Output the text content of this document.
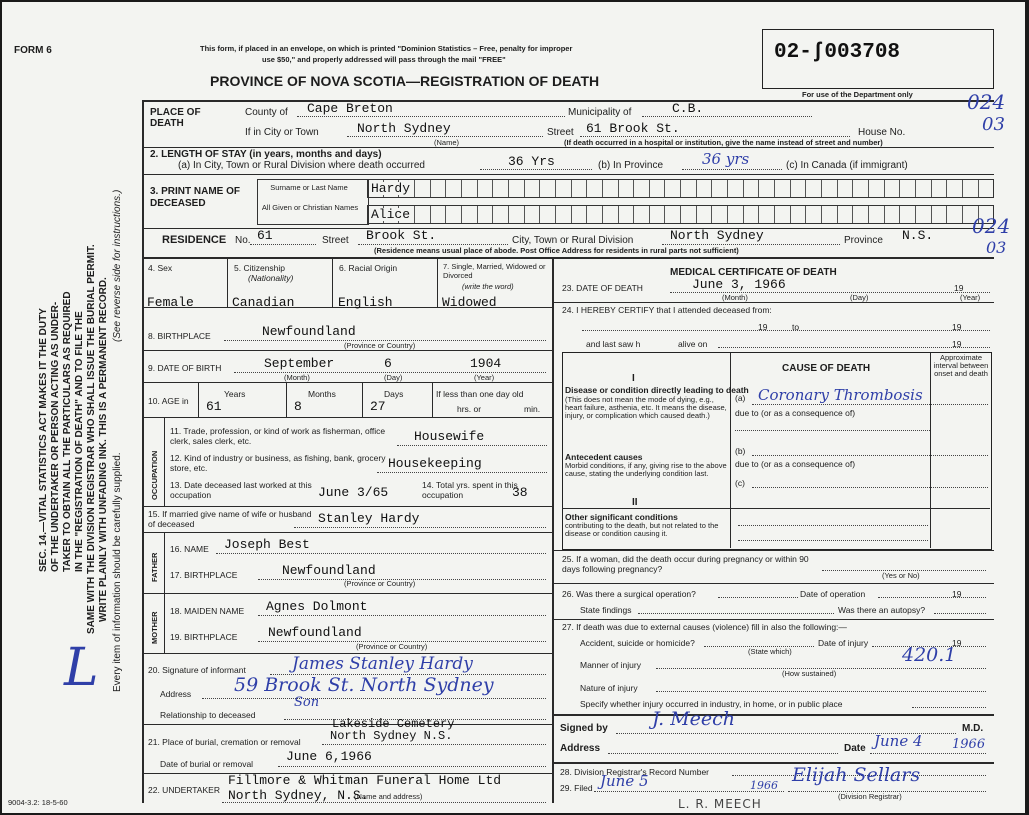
FORM 6	This form, if placed in an envelope, on which is printed "Dominion Statistics – Free, penalty for improper
use $50," and properly addressed will pass through the mail "FREE"
PROVINCE OF NOVA SCOTIA—REGISTRATION OF DEATH
02-ʃ003708
For use of the Department only
SEC. 14.—VITAL STATISTICS ACT MAKES IT THE DUTY OF THE UNDERTAKER OR PERSON ACTING AS UNDER- TAKER TO OBTAIN ALL THE PARTICULARS AS REQUIRED IN THE "REGISTRATION OF DEATH" AND TO FILE THE SAME WITH THE DIVISION REGISTRAR WHO SHALL ISSUE THE BURIAL PERMIT. WRITE PLAINLY WITH UNFADING INK. THIS IS A PERMANENT RECORD.
(See reverse side for instructions.)
Every item of information should be carefully supplied.
L
9004-3.2: 18-5-60
PLACE OF DEATH
County of Cape Breton	Municipality of	C.B.	024
If in City or Town	North Sydney
(Name)
Street 61 Brook St.	House No.	03
(If death occurred in a hospital or institution, give the name instead of street and number)
2. LENGTH OF STAY (in years, months and days)
(a) In City, Town or Rural Division where death occurred	36 Yrs	(b) In Province	36 yrs	(c) In Canada (if immigrant)
3. PRINT NAME OF DECEASED
Surname or Last Name
All Given or Christian Names
Hardy
Alice
RESIDENCE No. 61	Street Brook St.	City, Town or Rural Division	North Sydney	Province N.S. 024
03
(Residence means usual place of abode. Post Office Address for residents in rural parts not sufficient)
4. Sex
Female
5. Citizenship
(Nationality)
Canadian
6. Racial Origin
English
7. Single, Married, Widowed or Divorced
(write the word)
Widowed
8. BIRTHPLACE	Newfoundland
(Province or Country)
9. DATE OF BIRTH	September	6	1904
(Month)	(Day)	(Year)
10. AGE in
Years
61
Months
8
Days
27
If less than one day old
hrs. or	min.
OCCUPATION
11. Trade, profession, or kind of work as fisherman, office clerk, sales clerk, etc.	Housewife
12. Kind of industry or business, as fishing, bank, grocery store, etc.	Housekeeping
13. Date deceased last worked at this occupation	June 3/65	14. Total yrs. spent in this occupation	38
15. If married give name of wife or husband of deceased	Stanley Hardy
FATHER
16. NAME Joseph Best
17. BIRTHPLACE	Newfoundland
(Province or Country)
MOTHER
18. MAIDEN NAME Agnes Dolmont
19. BIRTHPLACE Newfoundland
(Province or Country)
20. Signature of informant	James Stanley Hardy
Address 59 Brook St. North Sydney
Son
Relationship to deceased
Lakeside Cemetery
21. Place of burial, cremation or removal North Sydney N.S.
Date of burial or removal	June 6,1966
22. UNDERTAKER
Fillmore & Whitman Funeral Home Ltd
North Sydney, N.S.
(Name and address)
MEDICAL CERTIFICATE OF DEATH
23. DATE OF DEATH	June 3, 1966	19
(Month)	(Day)	(Year)
24. I HEREBY CERTIFY that I attended deceased from:
19	to	19
and last saw h	alive on	19
CAUSE OF DEATH
Approximate interval between onset and death
I
Disease or condition directly leading to death
(This does not mean the mode of dying, e.g., heart failure, asthenia, etc. It means the disease, injury, or complication which caused death.)
(a) Coronary Thrombosis
due to (or as a consequence of)
Antecedent causes
Morbid conditions, if any, giving rise to the above cause, stating the underlying condition last.
(b)
due to (or as a consequence of)
(c)
II
Other significant conditions
contributing to the death, but not related to the disease or condition causing it.
25. If a woman, did the death occur during pregnancy or within 90 days following pregnancy?
(Yes or No)
26. Was there a surgical operation?	Date of operation	19
State findings	Was there an autopsy?
27. If death was due to external causes (violence) fill in also the following:—
Accident, suicide or homicide?	Date of injury	19
(State which)	420.1
Manner of injury
(How sustained)
Nature of injury
Specify whether injury occurred in industry, in home, or in public place
Signed by J. Meech	M.D.
Address	Date June 4 1966
28. Division Registrar's Record Number
29. Filed June 5	1966 Elijah Sellars
(Division Registrar)
L. R. MEECH
